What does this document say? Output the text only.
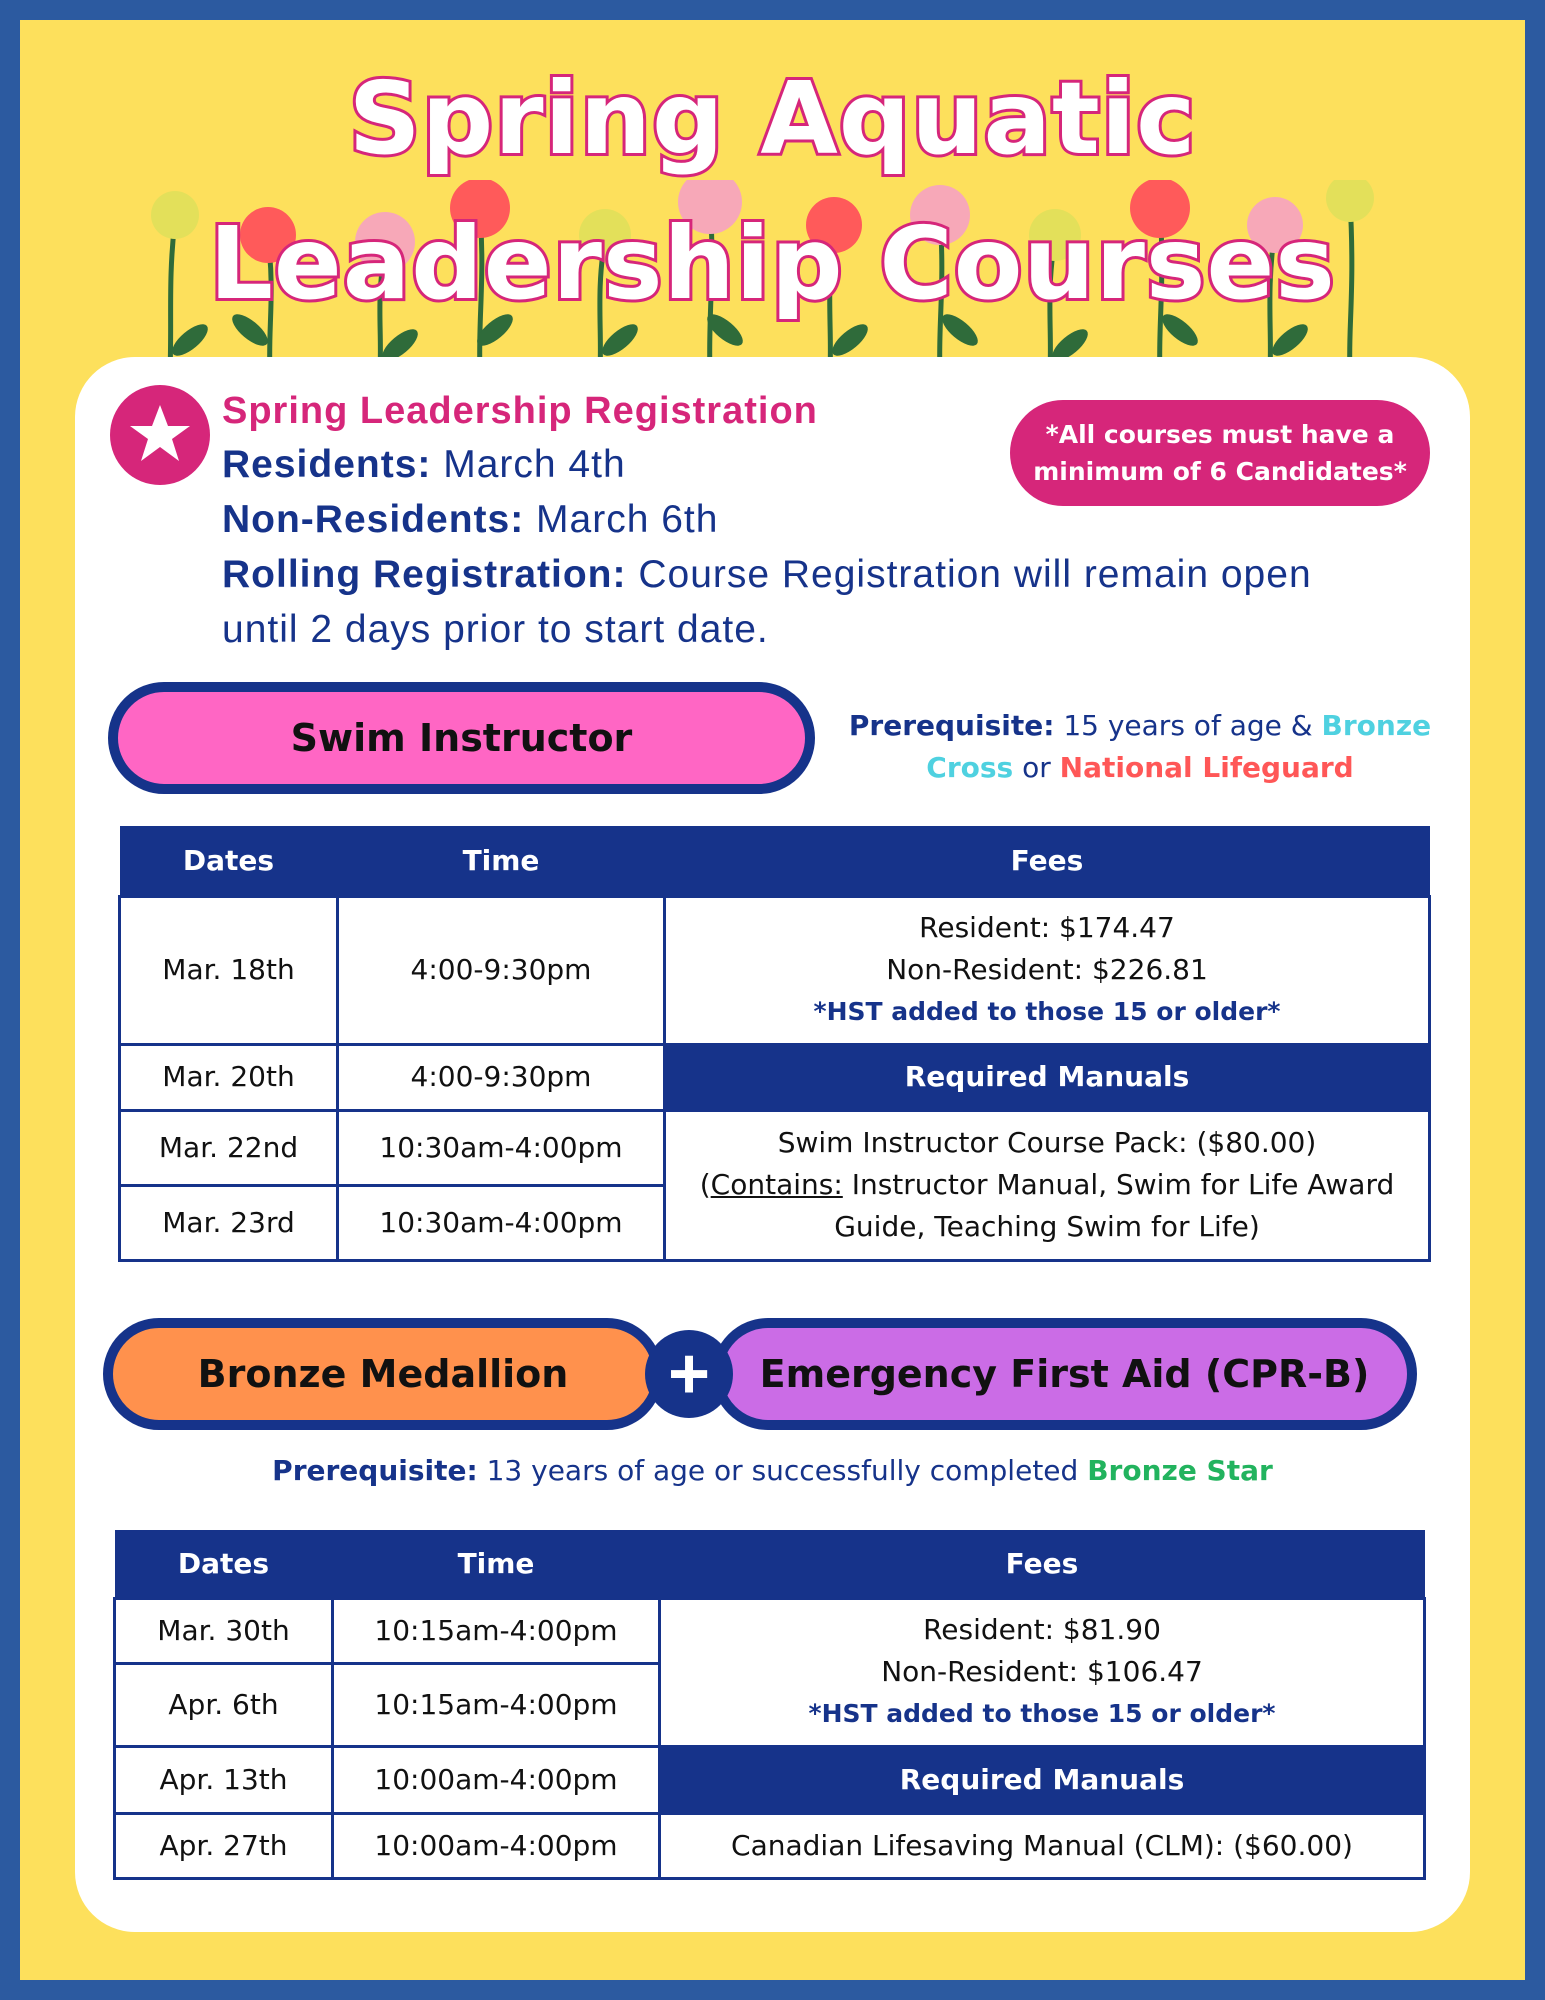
Spring Aquatic
Leadership Courses
Spring Leadership Registration
Residents: March 4th
Non-Residents: March 6th
Rolling Registration: Course Registration will remain open
until 2 days prior to start date.
*All courses must have a
minimum of 6 Candidates*
Swim Instructor	Prerequisite: 15 years of age & Bronze Cross or National Lifeguard
Dates	Time	Fees
Mar. 18th	4:00-9:30pm	Resident: $174.47
Non-Resident: $226.81
*HST added to those 15 or older*

Mar. 20th	4:00-9:30pm	Required Manuals
Mar. 22nd	10:30am-4:00pm	Swim Instructor Course Pack: ($80.00)
(Contains: Instructor Manual, Swim for Life Award
Guide, Teaching Swim for Life)

Mar. 23rd	10:30am-4:00pm	
Bronze Medallion	Emergency First Aid (CPR-B)
+
Prerequisite: 13 years of age or successfully completed Bronze Star
Dates	Time	Fees
Mar. 30th	10:15am-4:00pm	Resident: $81.90
Non-Resident: $106.47
*HST added to those 15 or older*

Apr. 6th	10:15am-4:00pm	
Apr. 13th	10:00am-4:00pm	Required Manuals
Apr. 27th	10:00am-4:00pm	Canadian Lifesaving Manual (CLM): ($60.00)
